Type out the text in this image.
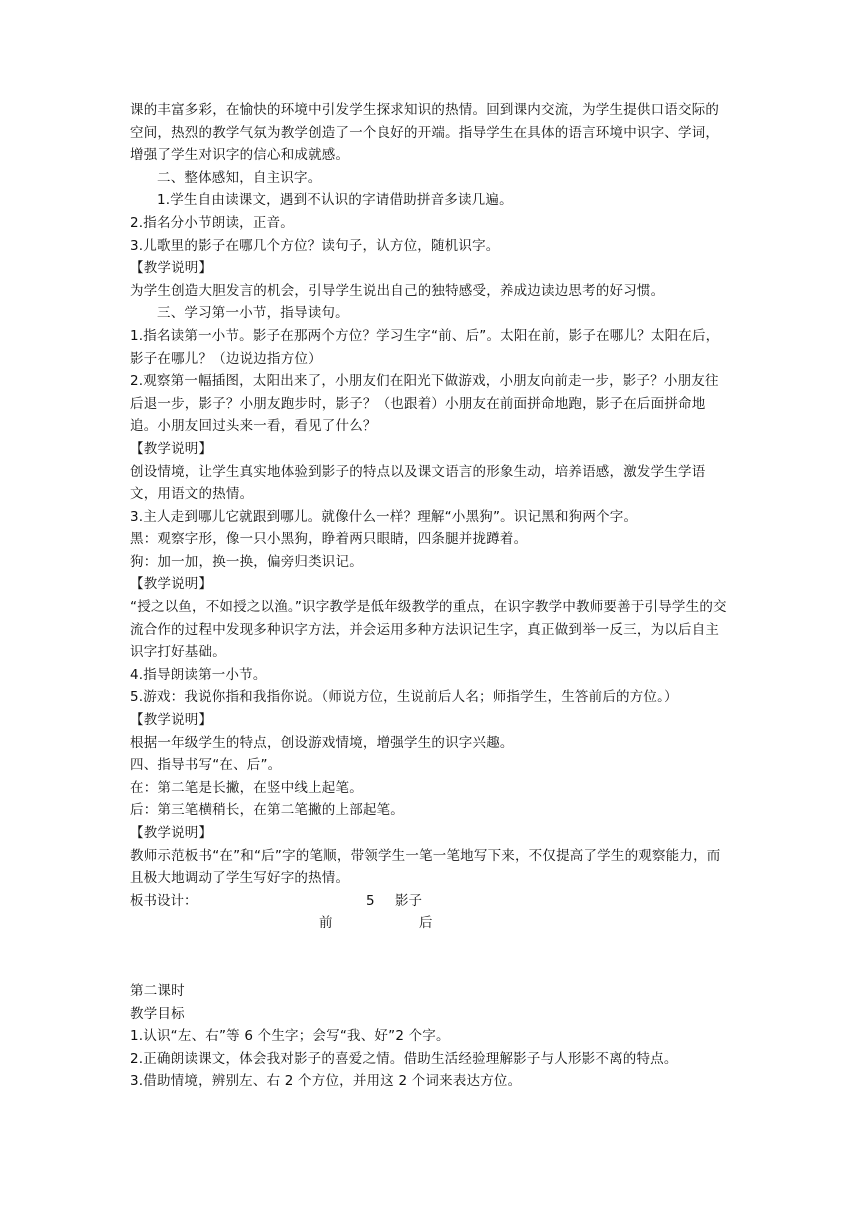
课的丰富多彩，在愉快的环境中引发学生探求知识的热情。回到课内交流，为学生提供口语交际的空间，热烈的教学气氛为教学创造了一个良好的开端。指导学生在具体的语言环境中识字、学词，增强了学生对识字的信心和成就感。

二、整体感知，自主识字。

1.学生自由读课文，遇到不认识的字请借助拼音多读几遍。

2.指名分小节朗读，正音。

3.儿歌里的影子在哪几个方位？读句子，认方位，随机识字。

【教学说明】

为学生创造大胆发言的机会，引导学生说出自己的独特感受，养成边读边思考的好习惯。

三、学习第一小节，指导读句。

1.指名读第一小节。影子在那两个方位？学习生字“前、后”。太阳在前，影子在哪儿？太阳在后，影子在哪儿？（边说边指方位）

2.观察第一幅插图，太阳出来了，小朋友们在阳光下做游戏，小朋友向前走一步，影子？小朋友往后退一步，影子？小朋友跑步时，影子？（也跟着）小朋友在前面拼命地跑，影子在后面拼命地追。小朋友回过头来一看，看见了什么？

【教学说明】

创设情境，让学生真实地体验到影子的特点以及课文语言的形象生动，培养语感，激发学生学语文，用语文的热情。

3.主人走到哪儿它就跟到哪儿。就像什么一样？理解“小黑狗”。识记黑和狗两个字。

黑：观察字形，像一只小黑狗，睁着两只眼睛，四条腿并拢蹲着。

狗：加一加，换一换，偏旁归类识记。

【教学说明】

“授之以鱼，不如授之以渔。”识字教学是低年级教学的重点，在识字教学中教师要善于引导学生的交流合作的过程中发现多种识字方法，并会运用多种方法识记生字，真正做到举一反三，为以后自主识字打好基础。

4.指导朗读第一小节。

5.游戏：我说你指和我指你说。（师说方位，生说前后人名；师指学生，生答前后的方位。）

【教学说明】

根据一年级学生的特点，创设游戏情境，增强学生的识字兴趣。

四、指导书写“在、后”。

在：第二笔是长撇，在竖中线上起笔。

后：第三笔横稍长，在第二笔撇的上部起笔。

【教学说明】

教师示范板书“在”和“后”字的笔顺，带领学生一笔一笔地写下来，不仅提高了学生的观察能力，而且极大地调动了学生写好字的热情。

板书设计：	5 影子
前	后

第二课时

教学目标

1.认识“左、右”等 6 个生字；会写“我、好”2 个字。

2.正确朗读课文，体会我对影子的喜爱之情。借助生活经验理解影子与人形影不离的特点。

3.借助情境，辨别左、右 2 个方位，并用这 2 个词来表达方位。
